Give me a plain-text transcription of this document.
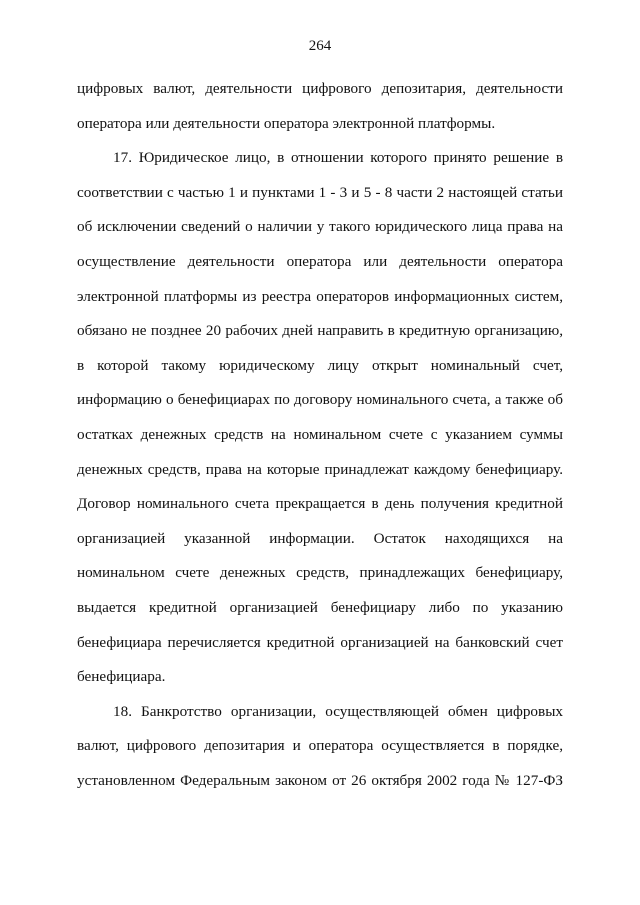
264
цифровых валют, деятельности цифрового депозитария, деятельности
оператора или деятельности оператора электронной платформы.
17. Юридическое лицо, в отношении которого принято решение в
соответствии с частью 1 и пунктами 1 - 3 и 5 - 8 части 2 настоящей статьи
об исключении сведений о наличии у такого юридического лица права на
осуществление деятельности оператора или деятельности оператора
электронной платформы из реестра операторов информационных систем,
обязано не позднее 20 рабочих дней направить в кредитную организацию,
в которой такому юридическому лицу открыт номинальный счет,
информацию о бенефициарах по договору номинального счета, а также об
остатках денежных средств на номинальном счете с указанием суммы
денежных средств, права на которые принадлежат каждому бенефициару.
Договор номинального счета прекращается в день получения кредитной
организацией указанной информации. Остаток находящихся на
номинальном счете денежных средств, принадлежащих бенефициару,
выдается кредитной организацией бенефициару либо по указанию
бенефициара перечисляется кредитной организацией на банковский счет
бенефициара.
18. Банкротство организации, осуществляющей обмен цифровых
валют, цифрового депозитария и оператора осуществляется в порядке,
установленном Федеральным законом от 26 октября 2002 года № 127-ФЗ
